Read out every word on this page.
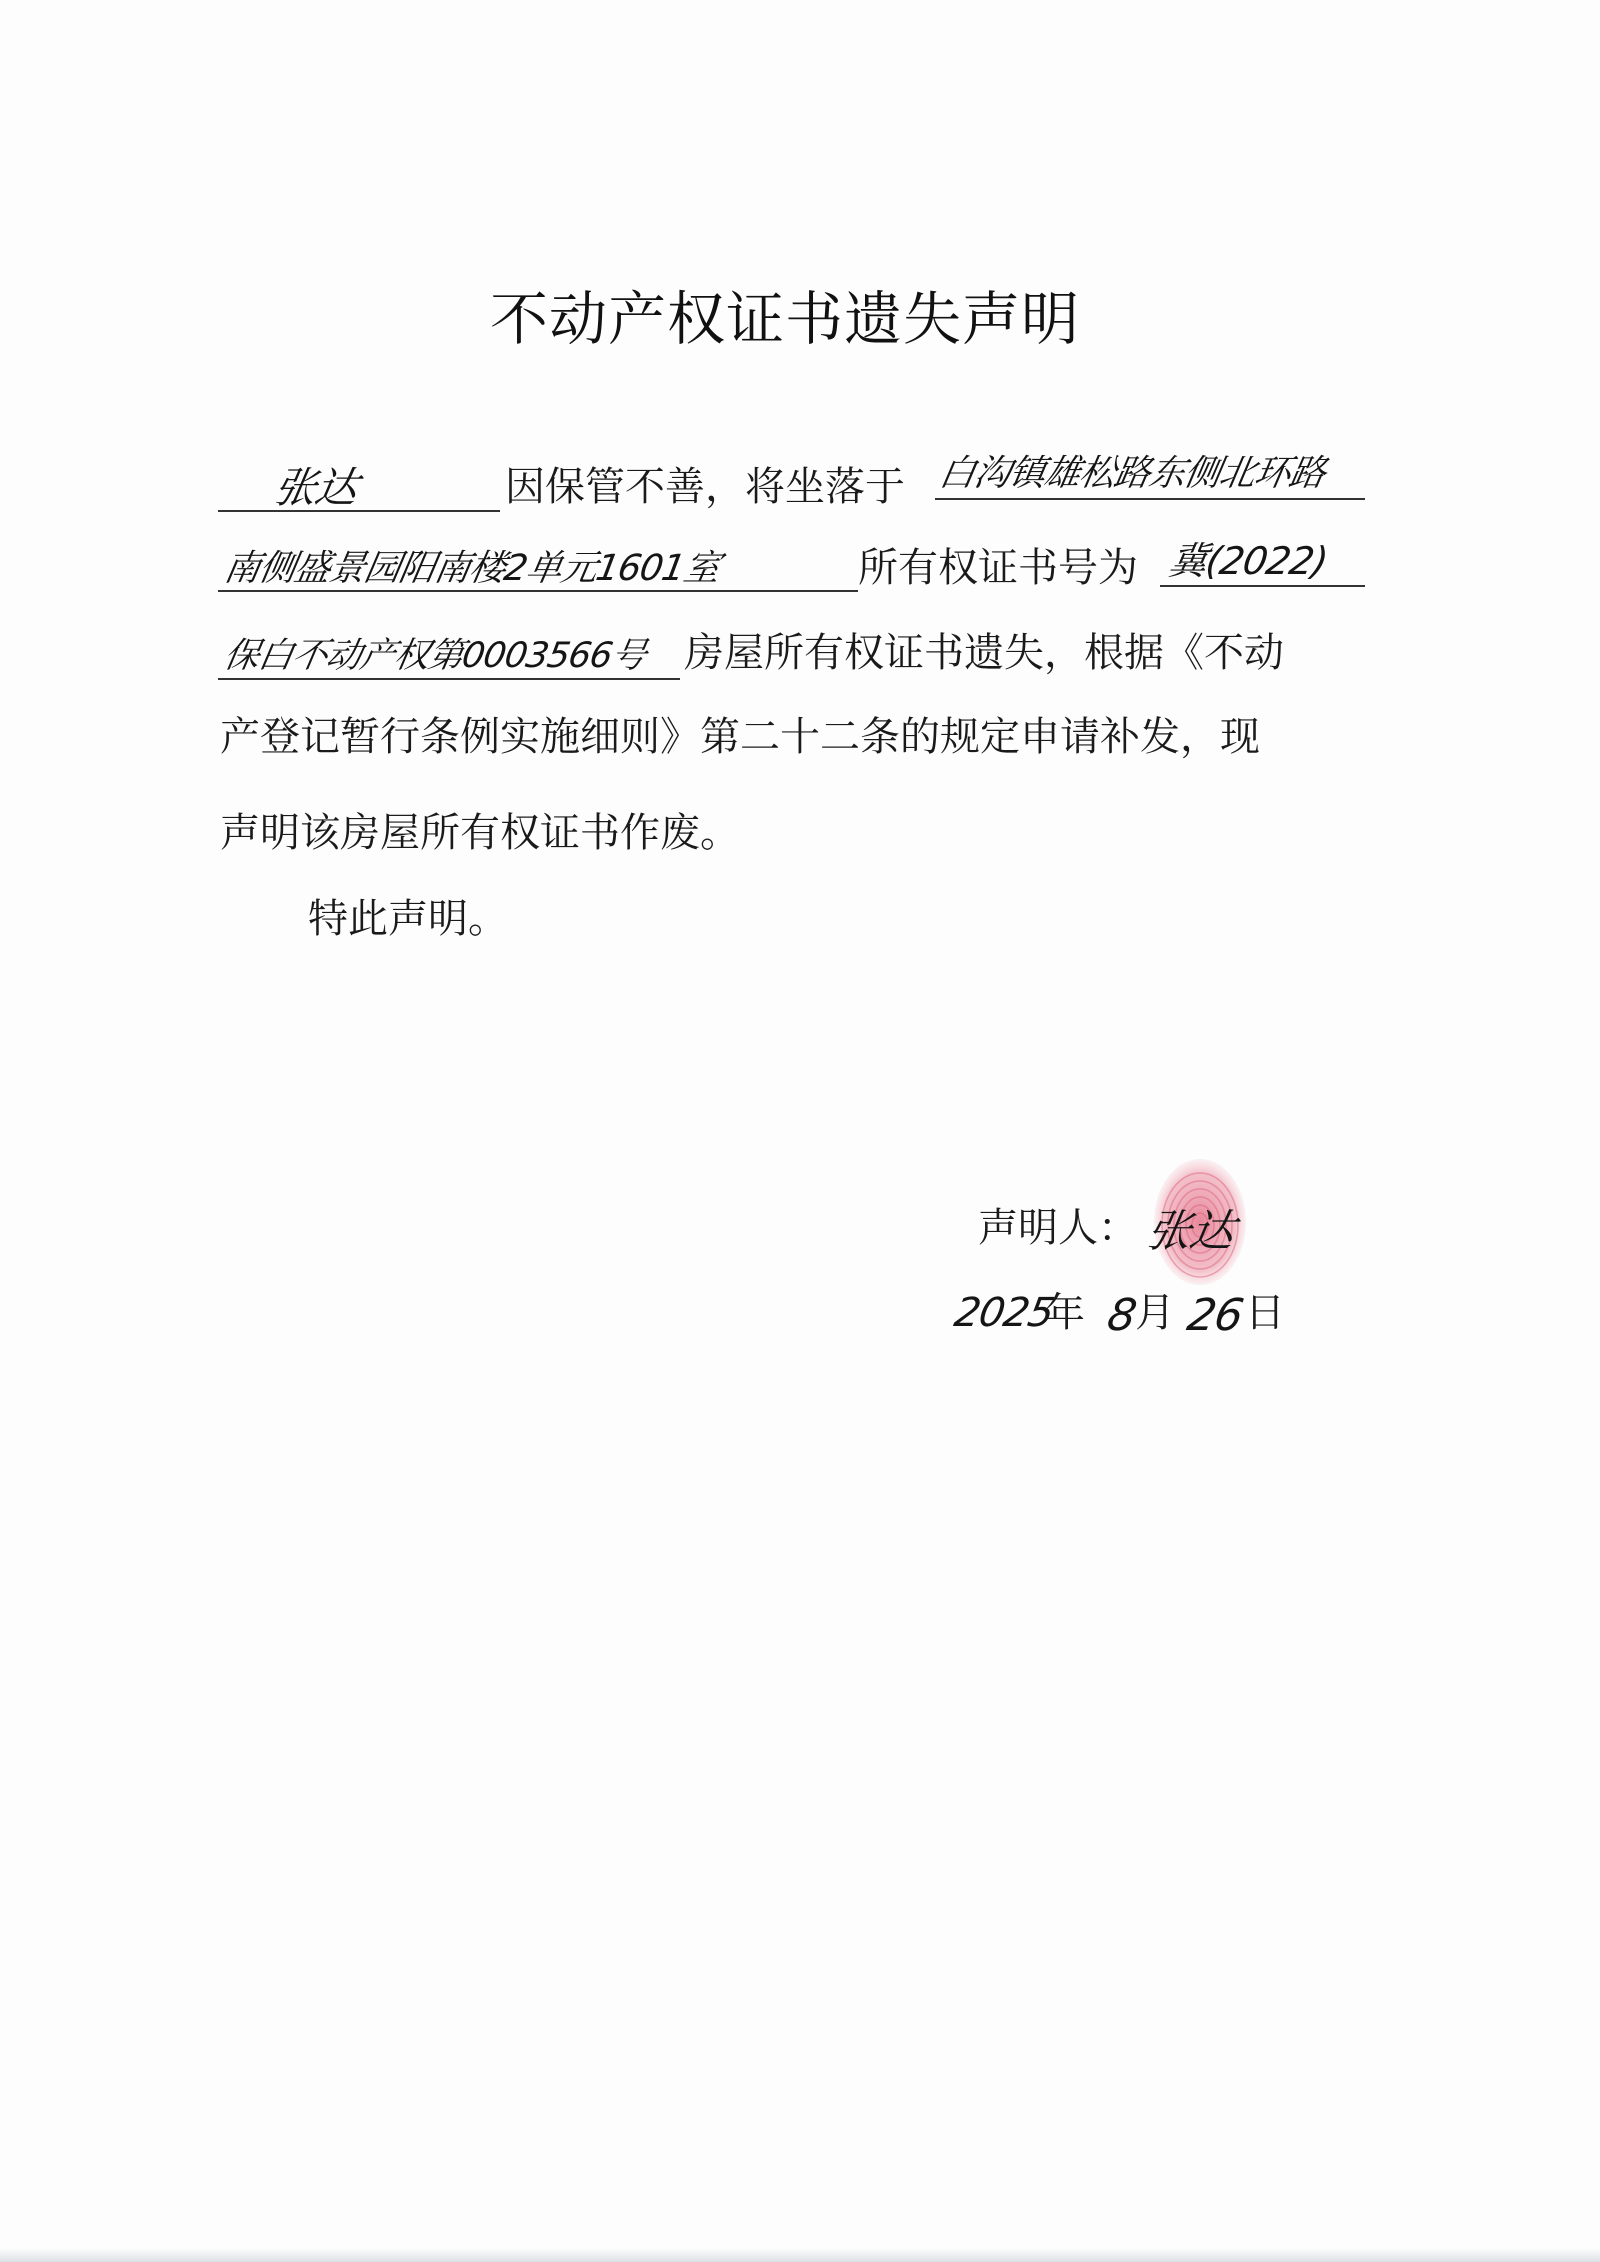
不动产权证书遗失声明
张达	因保管不善，将坐落于 白沟镇雄松路东侧北环路
南侧盛景园阳南楼2单元1601室	所有权证书号为 冀(2022)
保白不动产权第0003566号 房屋所有权证书遗失，根据《不动
产登记暂行条例实施细则》第二十二条的规定申请补发，现
声明该房屋所有权证书作废。
特此声明。
声明人： 张达
2025
年 8
月 26
日
